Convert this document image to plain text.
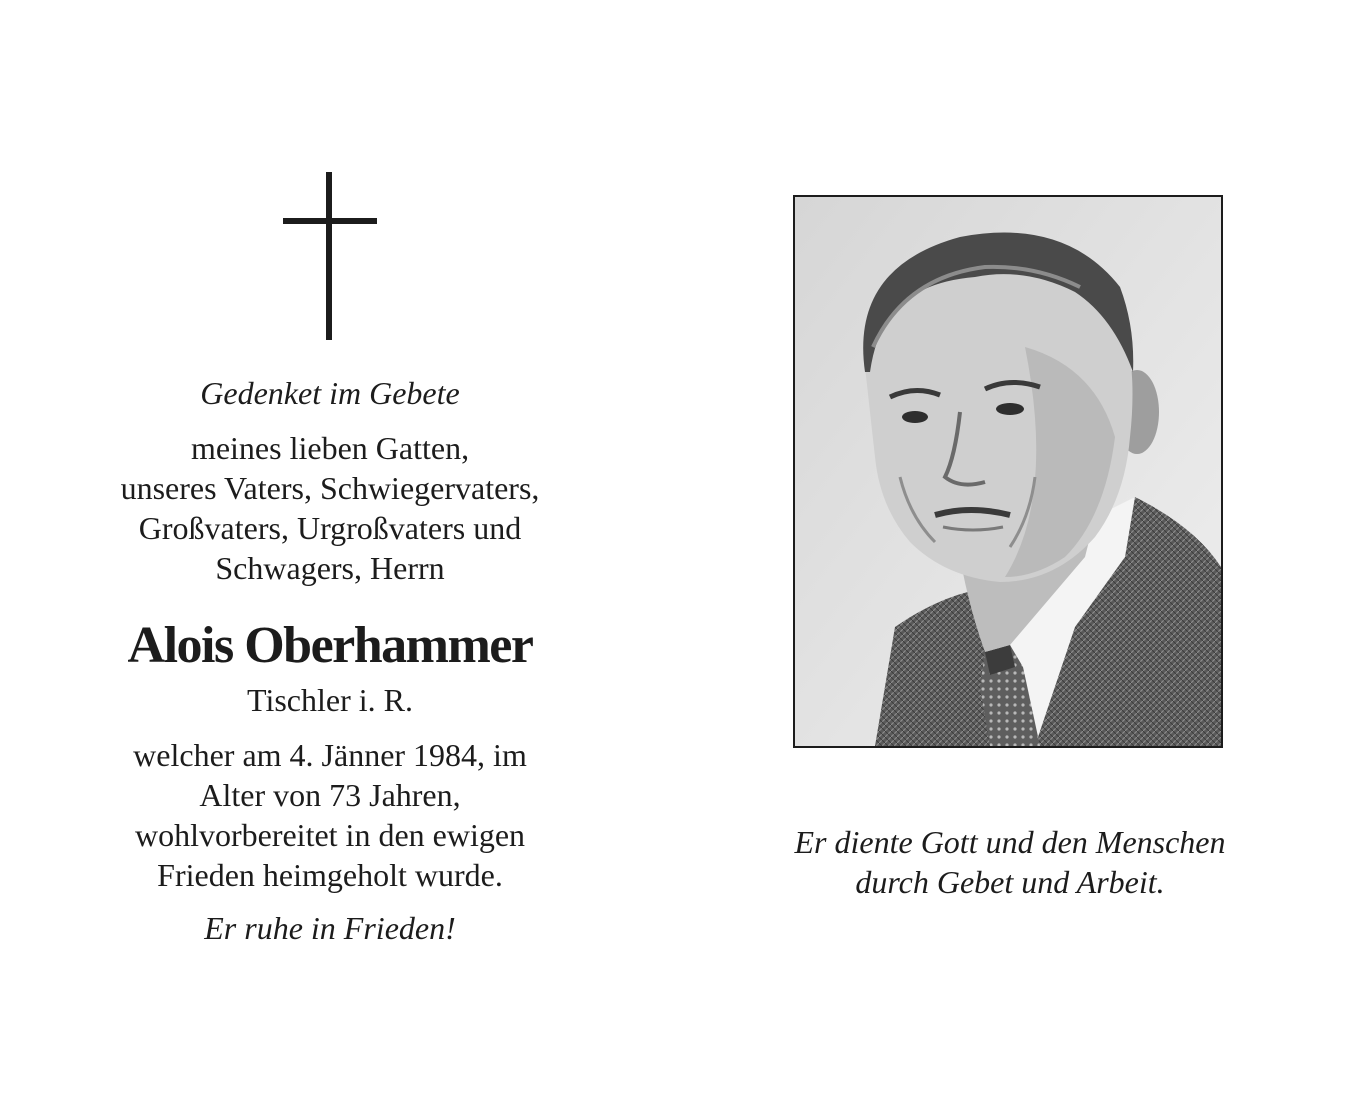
Gedenket im Gebete
meines lieben Gatten,
unseres Vaters, Schwiegervaters,
Großvaters, Urgroßvaters und
Schwagers, Herrn
Alois Oberhammer
Tischler i. R.
welcher am 4. Jänner 1984, im
Alter von 73 Jahren,
wohlvorbereitet in den ewigen
Frieden heimgeholt wurde.
Er ruhe in Frieden!
Er diente Gott und den Menschen
durch Gebet und Arbeit.
